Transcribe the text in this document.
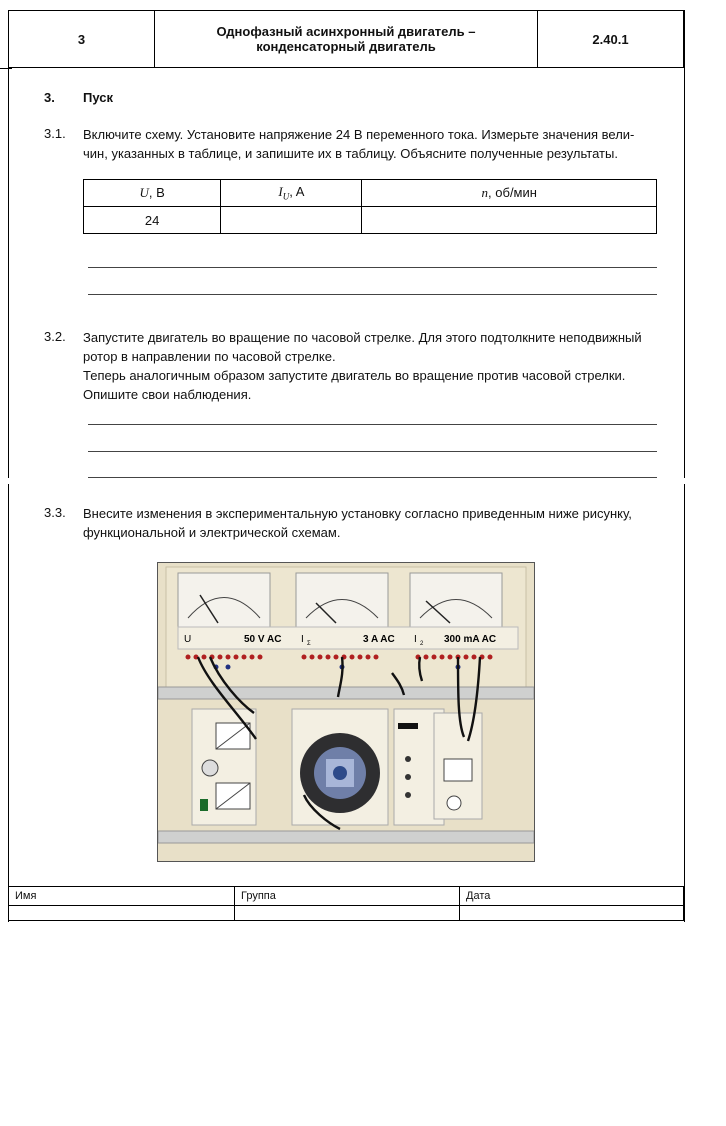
3	Однофазный асинхронный двигатель –
конденсаторный двигатель	2.40.1
3. Пуск
3.1. Включите схему. Установите напряжение 24 В переменного тока. Измерьте значения вели-
чин, указанных в таблице, и запишите их в таблицу. Объясните полученные результаты.
U, В	$I_U$, A	n, об/мин
24		
3.2. Запустите двигатель во вращение по часовой стрелке. Для этого подтолкните неподвижный
ротор в направлении по часовой стрелке.
Теперь аналогичным образом запустите двигатель во вращение против часовой стрелки.
Опишите свои наблюдения.
3.3. Внесите изменения в экспериментальную установку согласно приведенным ниже рисунку,
функциональной и электрической схемам.
U	50 V AC I Σ	3 A AC I 2 300 mA AC
Имя	Группа	Дата
